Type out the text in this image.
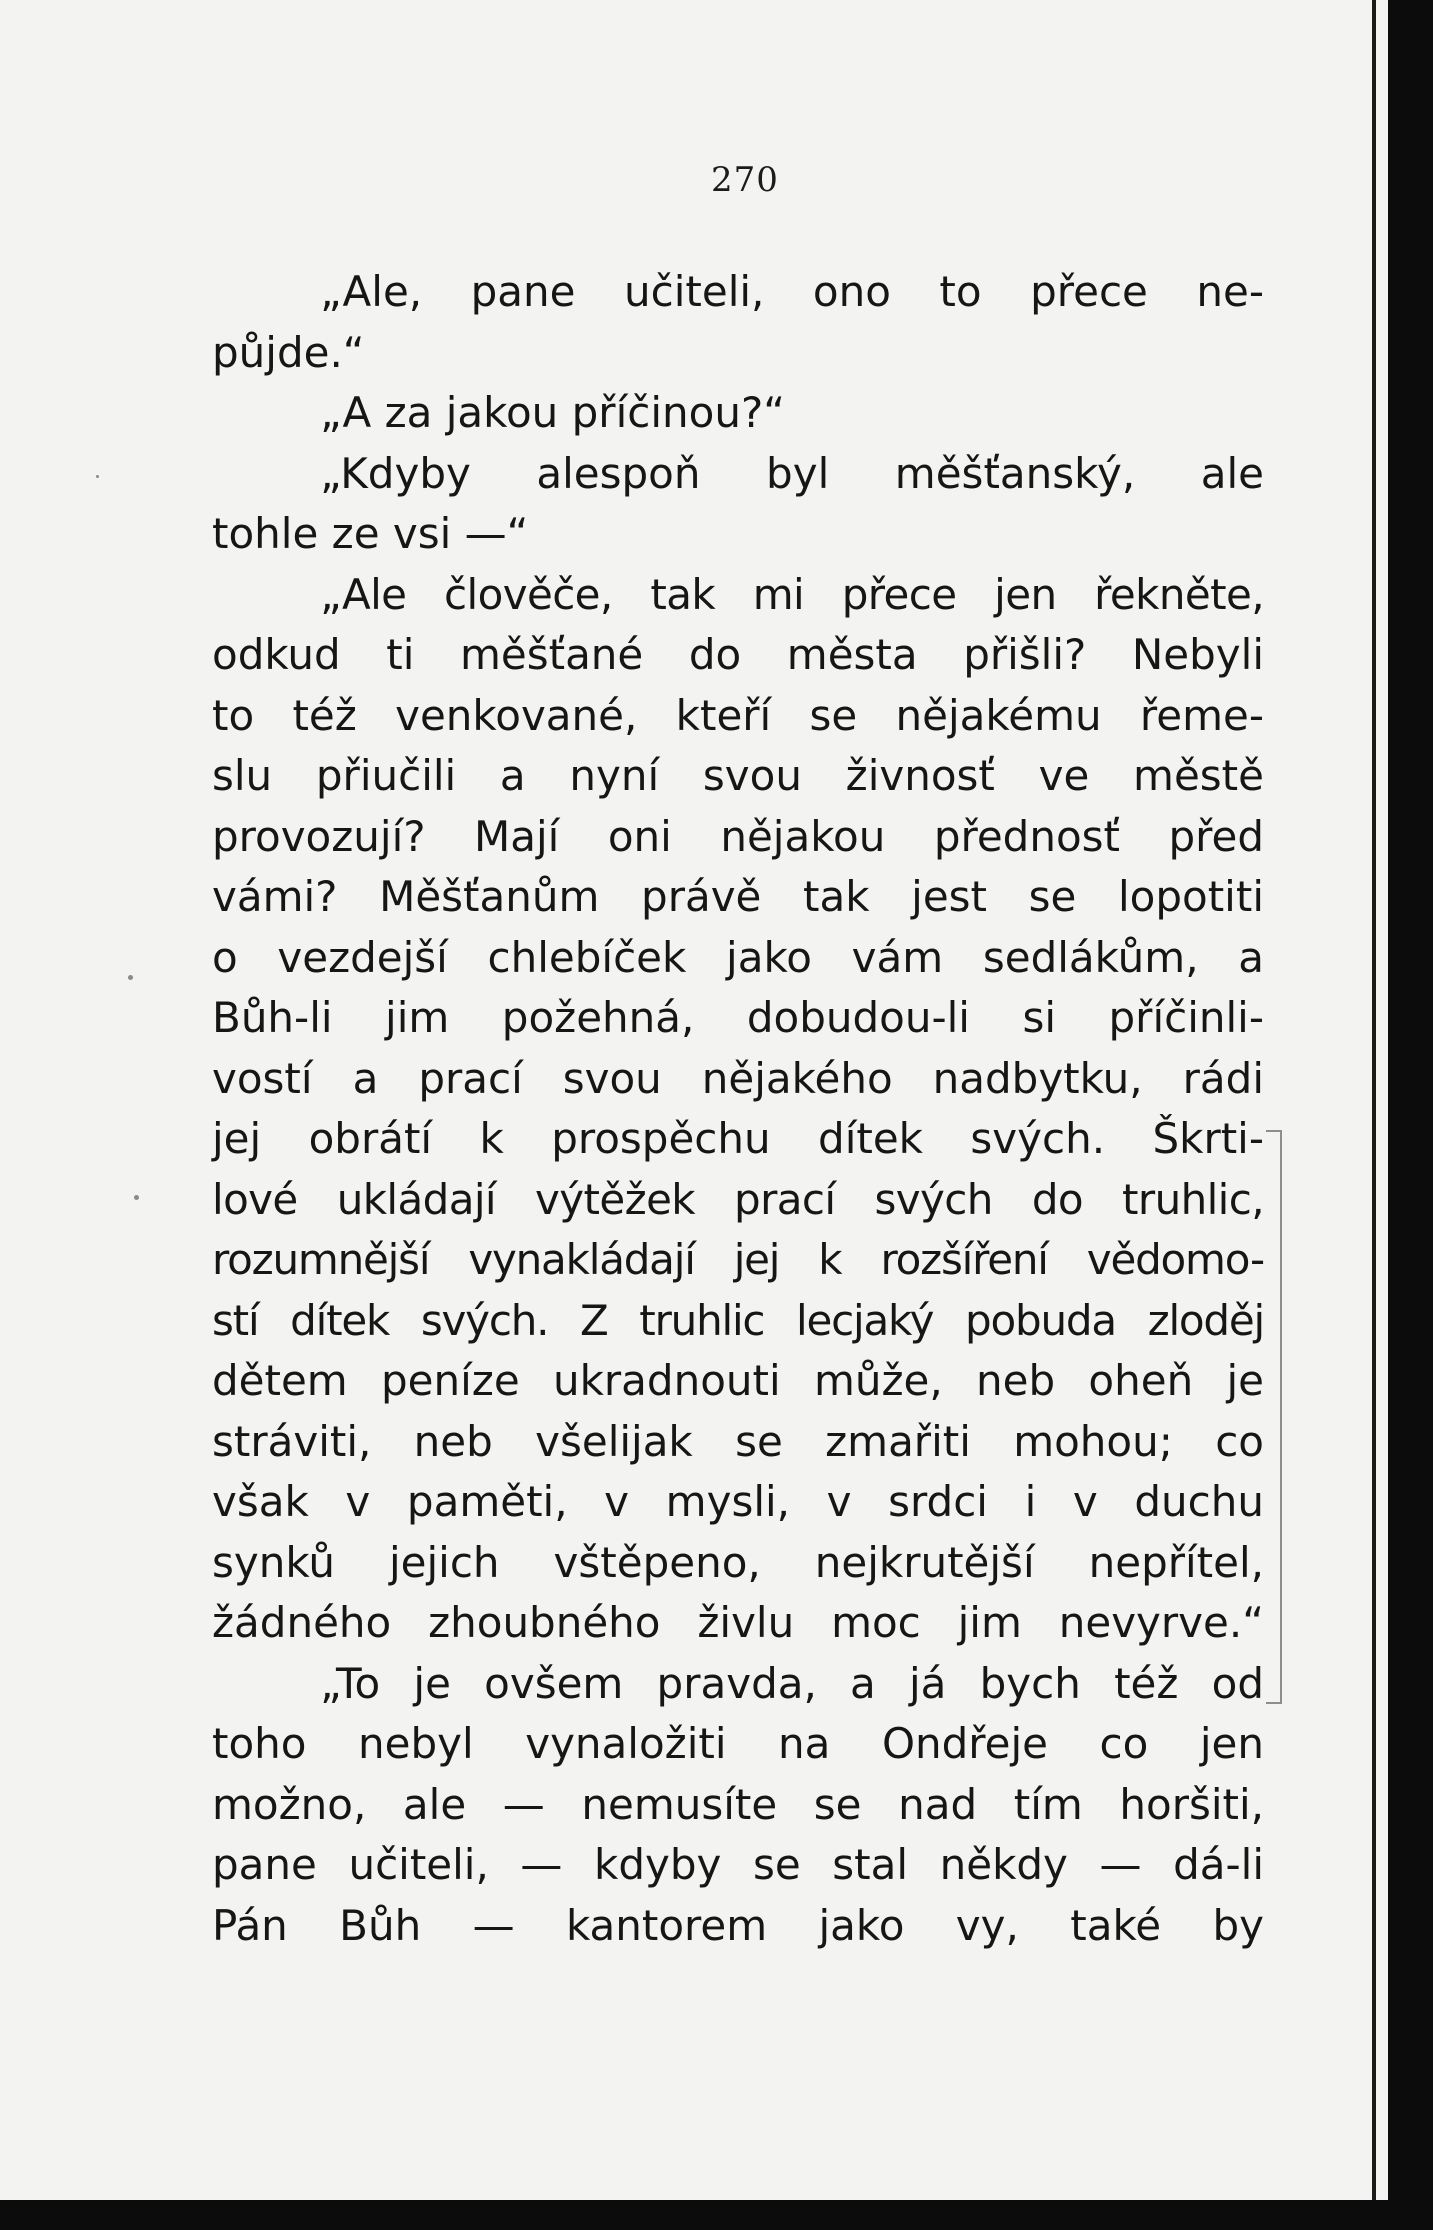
270
„Ale, pane učiteli, ono to přece ne-
půjde.“
„A za jakou příčinou?“
„Kdyby alespoň byl měšťanský, ale
tohle ze vsi —“
„Ale člověče, tak mi přece jen řekněte,
odkud ti měšťané do města přišli? Nebyli
to též venkované, kteří se nějakému řeme-
slu přiučili a nyní svou živnosť ve městě
provozují? Mají oni nějakou přednosť před
vámi? Měšťanům právě tak jest se lopotiti
o vezdejší chlebíček jako vám sedlákům, a
Bůh-li jim požehná, dobudou-li si příčinli-
vostí a prací svou nějakého nadbytku, rádi
jej obrátí k prospěchu dítek svých. Škrti-
lové ukládají výtěžek prací svých do truhlic,
rozumnější vynakládají jej k rozšíření vědomo-
stí dítek svých. Z truhlic lecjaký pobuda zloděj
dětem peníze ukradnouti může, neb oheň je
stráviti, neb všelijak se zmařiti mohou; co
však v paměti, v mysli, v srdci i v duchu
synků jejich vštěpeno, nejkrutější nepřítel,
žádného zhoubného živlu moc jim nevyrve.“
„To je ovšem pravda, a já bych též od
toho nebyl vynaložiti na Ondřeje co jen
možno, ale — nemusíte se nad tím horšiti,
pane učiteli, — kdyby se stal někdy — dá-li
Pán Bůh — kantorem jako vy, také by
